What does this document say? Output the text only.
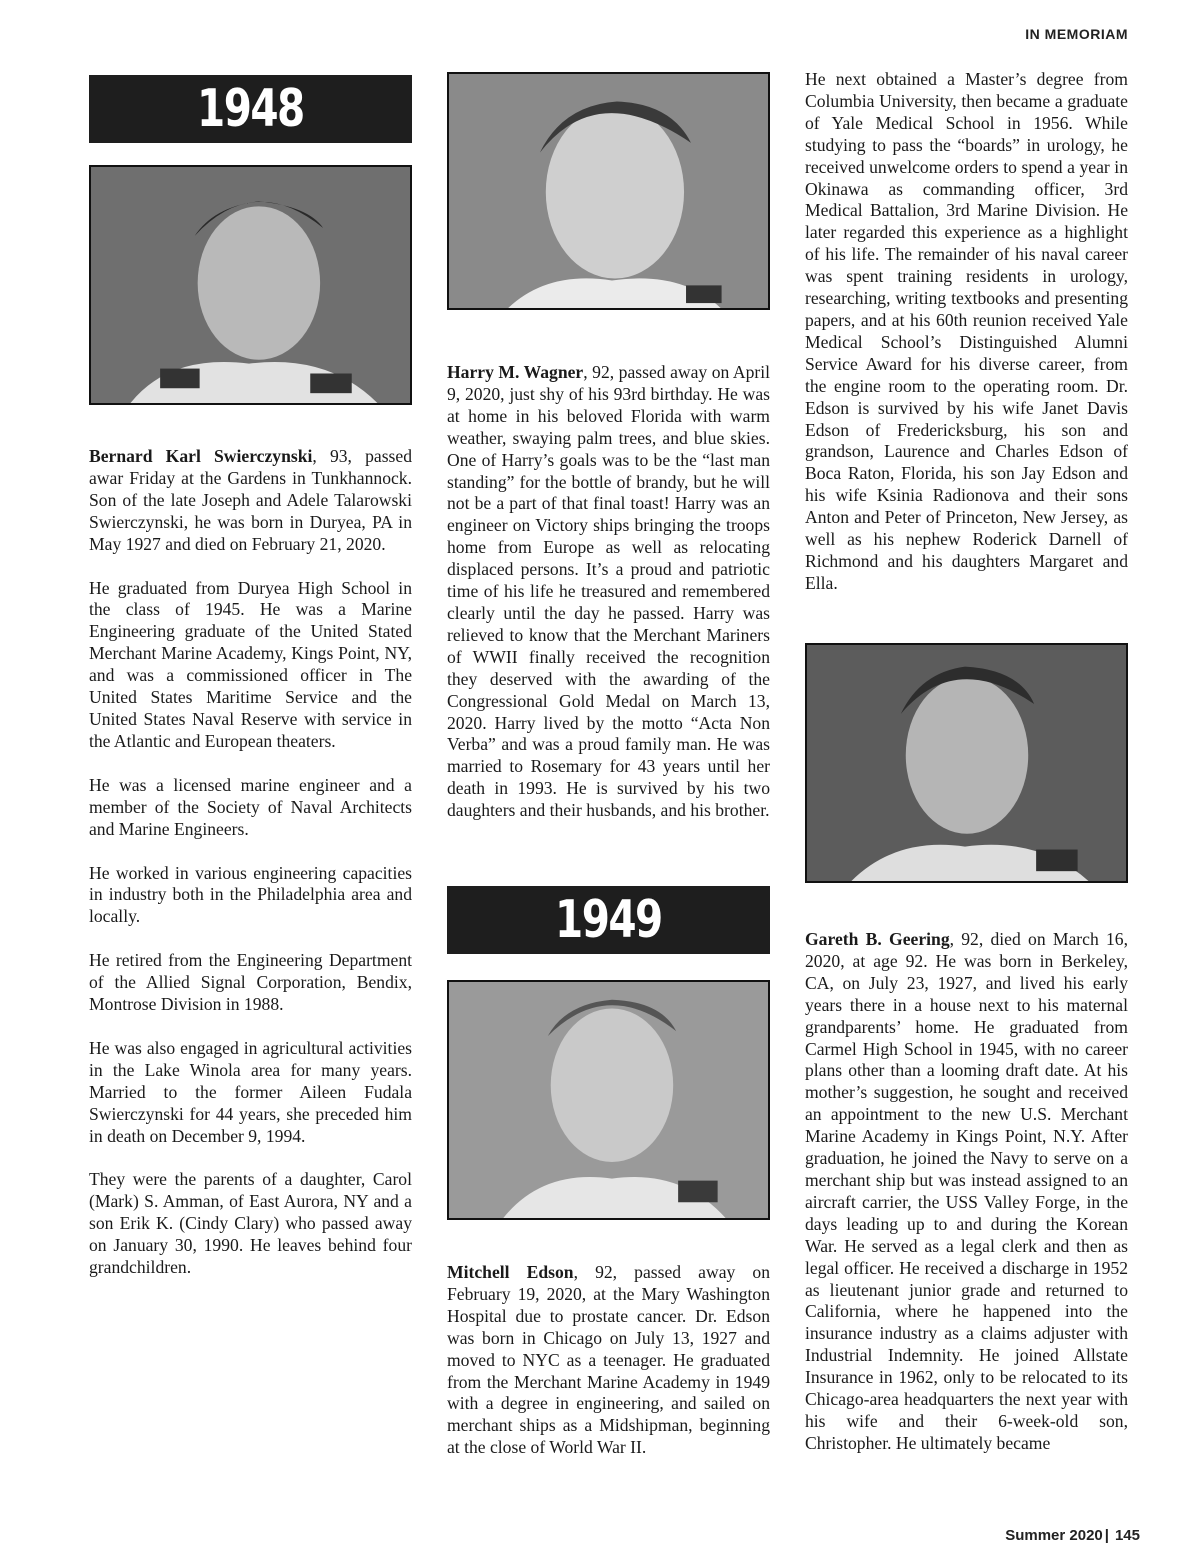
IN MEMORIAM
1948

Bernard Karl Swierczynski, 93, passed awar Friday at the Gardens in Tunkhannock. Son of the late Joseph and Adele Talarowski Swierczynski, he was born in Duryea, PA in May 1927 and died on February 21, 2020.

He graduated from Duryea High School in the class of 1945. He was a Marine Engineering graduate of the United Stated Merchant Marine Academy, Kings Point, NY, and was a commissioned officer in The United States Maritime Service and the United States Naval Reserve with service in the Atlantic and European theaters.

He was a licensed marine engineer and a member of the Society of Naval Architects and Marine Engineers.

He worked in various engineering capacities in industry both in the Philadelphia area and locally.

He retired from the Engineering Department of the Allied Signal Corporation, Bendix, Montrose Division in 1988.

He was also engaged in agricultural activities in the Lake Winola area for many years. Married to the former Aileen Fudala Swierczynski for 44 years, she preceded him in death on December 9, 1994.

They were the parents of a daughter, Carol (Mark) S. Amman, of East Aurora, NY and a son Erik K. (Cindy Clary) who passed away on January 30, 1990. He leaves behind four grandchildren.

Harry M. Wagner, 92, passed away on April 9, 2020, just shy of his 93rd birthday. He was at home in his beloved Florida with warm weather, swaying palm trees, and blue skies. One of Harry’s goals was to be the “last man standing” for the bottle of brandy, but he will not be a part of that final toast! Harry was an engineer on Victory ships bringing the troops home from Europe as well as relocating displaced persons. It’s a proud and patriotic time of his life he treasured and remembered clearly until the day he passed. Harry was relieved to know that the Merchant Mariners of WWII finally received the recognition they deserved with the awarding of the Congressional Gold Medal on March 13, 2020. Harry lived by the motto “Acta Non Verba” and was a proud family man. He was married to Rosemary for 43 years until her death in 1993. He is survived by his two daughters and their husbands, and his brother.

1949

Mitchell Edson, 92, passed away on February 19, 2020, at the Mary Washington Hospital due to prostate cancer. Dr. Edson was born in Chicago on July 13, 1927 and moved to NYC as a teenager. He graduated from the Merchant Marine Academy in 1949 with a degree in engineering, and sailed on merchant ships as a Midshipman, beginning at the close of World War II.

He next obtained a Master’s degree from Columbia University, then became a graduate of Yale Medical School in 1956. While studying to pass the “boards” in urology, he received unwelcome orders to spend a year in Okinawa as commanding officer, 3rd Medical Battalion, 3rd Marine Division. He later regarded this experience as a highlight of his life. The remainder of his naval career was spent training residents in urology, researching, writing textbooks and presenting papers, and at his 60th reunion received Yale Medical School’s Distinguished Alumni Service Award for his diverse career, from the engine room to the operating room. Dr. Edson is survived by his wife Janet Davis Edson of Fredericksburg, his son and grandson, Laurence and Charles Edson of Boca Raton, Florida, his son Jay Edson and his wife Ksinia Radionova and their sons Anton and Peter of Princeton, New Jersey, as well as his nephew Roderick Darnell of Richmond and his daughters Margaret and Ella.

Gareth B. Geering, 92, died on March 16, 2020, at age 92. He was born in Berkeley, CA, on July 23, 1927, and lived his early years there in a house next to his maternal grandparents’ home. He graduated from Carmel High School in 1945, with no career plans other than a looming draft date. At his mother’s suggestion, he sought and received an appointment to the new U.S. Merchant Marine Academy in Kings Point, N.Y. After graduation, he joined the Navy to serve on a merchant ship but was instead assigned to an aircraft carrier, the USS Valley Forge, in the days leading up to and during the Korean War. He served as a legal clerk and then as legal officer. He received a discharge in 1952 as lieutenant junior grade and returned to California, where he happened into the insurance industry as a claims adjuster with Industrial Indemnity. He joined Allstate Insurance in 1962, only to be relocated to its Chicago-area headquarters the next year with his wife and their 6-week-old son, Christopher. He ultimately became

Summer 2020 | 145
